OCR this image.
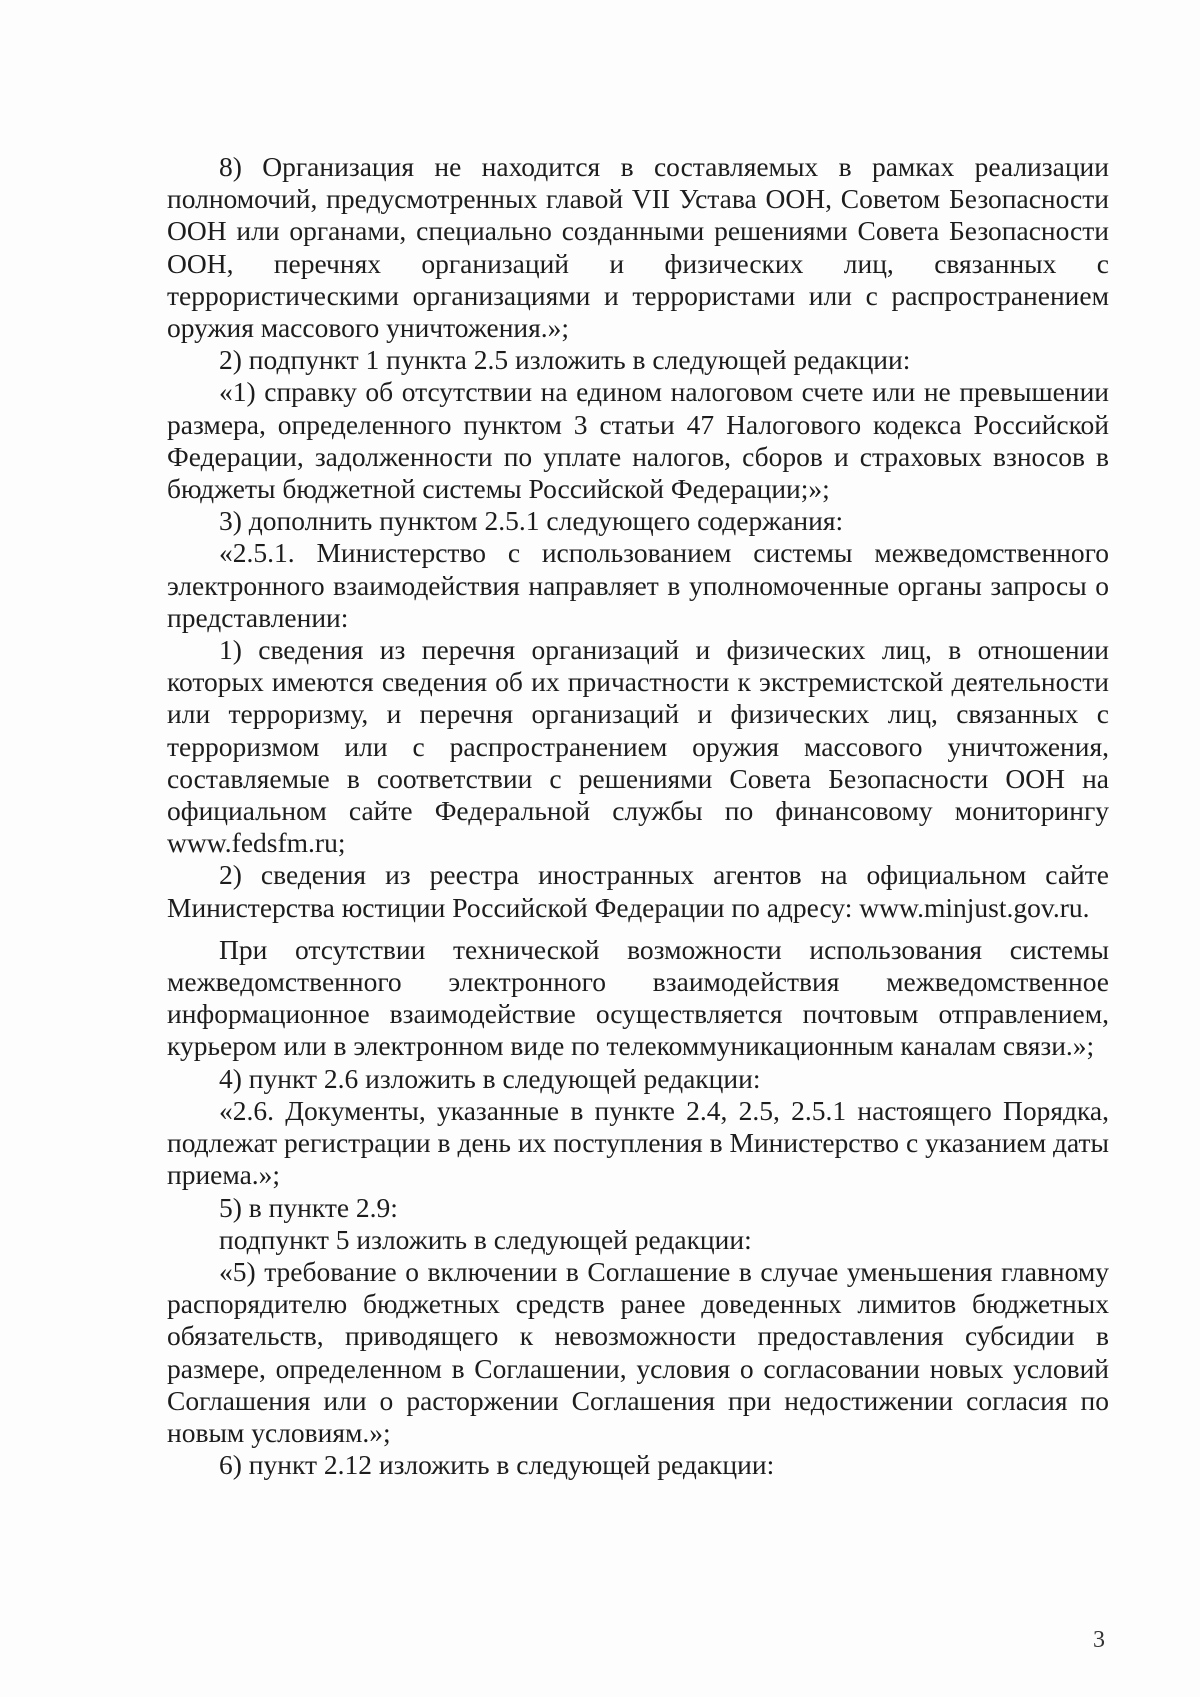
8) Организация не находится в составляемых в рамках реализации полномочий, предусмотренных главой VII Устава ООН, Советом Безопасности ООН или органами, специально созданными решениями Совета Безопасности ООН, перечнях организаций и физических лиц, связанных с террористическими организациями и террористами или с распространением оружия массового уничтожения.»;

2) подпункт 1 пункта 2.5 изложить в следующей редакции:

«1) справку об отсутствии на едином налоговом счете или не превышении размера, определенного пунктом 3 статьи 47 Налогового кодекса Российской Федерации, задолженности по уплате налогов, сборов и страховых взносов в бюджеты бюджетной системы Российской Федерации;»;

3) дополнить пунктом 2.5.1 следующего содержания:

«2.5.1. Министерство с использованием системы межведомственного электронного взаимодействия направляет в уполномоченные органы запросы о представлении:

1) сведения из перечня организаций и физических лиц, в отношении которых имеются сведения об их причастности к экстремистской деятельности или терроризму, и перечня организаций и физических лиц, связанных с терроризмом или с распространением оружия массового уничтожения, составляемые в соответствии с решениями Совета Безопасности ООН на официальном сайте Федеральной службы по финансовому мониторингу www.fedsfm.ru;

2) сведения из реестра иностранных агентов на официальном сайте Министерства юстиции Российской Федерации по адресу: www.minjust.gov.ru.

При отсутствии технической возможности использования системы межведомственного электронного взаимодействия межведомственное информационное взаимодействие осуществляется почтовым отправлением, курьером или в электронном виде по телекоммуникационным каналам связи.»;

4) пункт 2.6 изложить в следующей редакции:

«2.6. Документы, указанные в пункте 2.4, 2.5, 2.5.1 настоящего Порядка, подлежат регистрации в день их поступления в Министерство с указанием даты приема.»;

5) в пункте 2.9:

подпункт 5 изложить в следующей редакции:

«5) требование о включении в Соглашение в случае уменьшения главному распорядителю бюджетных средств ранее доведенных лимитов бюджетных обязательств, приводящего к невозможности предоставления субсидии в размере, определенном в Соглашении, условия о согласовании новых условий Соглашения или о расторжении Соглашения при недостижении согласия по новым условиям.»;

6) пункт 2.12 изложить в следующей редакции:

3
